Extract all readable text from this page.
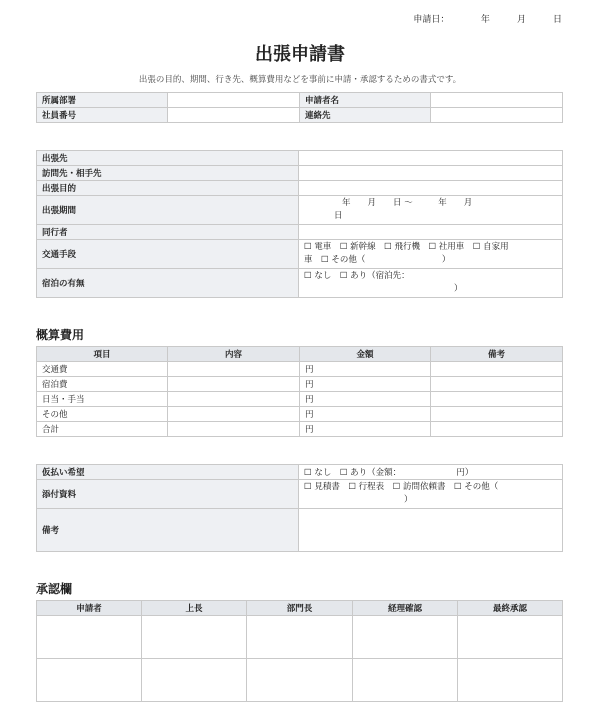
申請日：　　　　	年　　　	月　　　	日
出張申請書
出張の目的、期間、行き先、概算費用などを事前に申請・承認するための書式です。
所属部署		申請者名	
社員番号		連絡先	
出張先	
訪問先・相手先	
出張目的	
出張期間	年　　月　　日 〜　　　年　　月
日

同行者	
交通手段	☐ 電車　☐ 新幹線　☐ 飛行機　☐ 社用車　☐ 自家用
車　☐ その他（　　　　　　　　　）

宿泊の有無	☐ なし　☐ あり（宿泊先：
）
概算費用
項目	内容	金額	備考
交通費		円	
宿泊費		円	
日当・手当		円	
その他		円	
合計		円	
仮払い希望	☐ なし　☐ あり（金額：　　　　　　　円）
添付資料	☐ 見積書　☐ 行程表　☐ 訪問依頼書　☐ その他（
）

備考	
承認欄
申請者	上長	部門長	経理確認	最終承認
